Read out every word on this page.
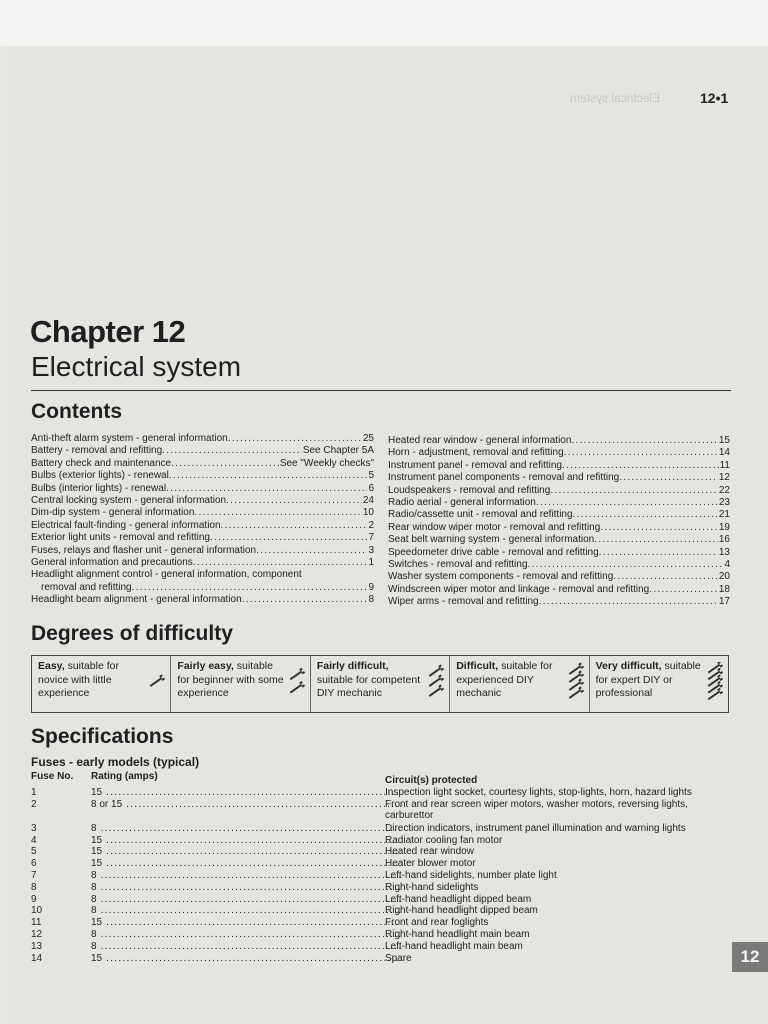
Electrical system	12•1
Chapter 12
Electrical system
Contents
Anti-theft alarm system - general information .....	25
Battery - removal and refitting .....	See Chapter 5A
Battery check and maintenance .....	See "Weekly checks"
Bulbs (exterior lights) - renewal .....	5
Bulbs (interior lights) - renewal .....	6
Central locking system - general information .....	24
Dim-dip system - general information .....	10
Electrical fault-finding - general information .....	2
Exterior light units - removal and refitting .....	7
Fuses, relays and flasher unit - general information .....	3
General information and precautions .....	1
Headlight alignment control - general information, component
removal and refitting .....	9
Headlight beam alignment - general information .....	8
Heated rear window - general information .....	15
Horn - adjustment, removal and refitting .....	14
Instrument panel - removal and refitting .....	11
Instrument panel components - removal and refitting .....	12
Loudspeakers - removal and refitting .....	22
Radio aerial - general information .....	23
Radio/cassette unit - removal and refitting .....	21
Rear window wiper motor - removal and refitting .....	19
Seat belt warning system - general information .....	16
Speedometer drive cable - removal and refitting .....	13
Switches - removal and refitting .....	4
Washer system components - removal and refitting .....	20
Windscreen wiper motor and linkage - removal and refitting .....	18
Wiper arms - removal and refitting .....	17
Degrees of difficulty
Easy, suitable for novice with little experience
Fairly easy, suitable for beginner with some experience
Fairly difficult, suitable for competent DIY mechanic
Difficult, suitable for experienced DIY mechanic
Very difficult, suitable for expert DIY or professional
Specifications
Fuses - early models (typical)
Fuse No. Rating (amps)	Circuit(s) protected
1	15 .....	Inspection light socket, courtesy lights, stop-lights, horn, hazard lights
2	8 or 15 .....	Front and rear screen wiper motors, washer motors, reversing lights, carburettor
3	8 .....	Direction indicators, instrument panel illumination and warning lights
4	15 .....	Radiator cooling fan motor
5	15 .....	Heated rear window
6	15 .....	Heater blower motor
7	8 .....	Left-hand sidelights, number plate light
8	8 .....	Right-hand sidelights
9	8 .....	Left-hand headlight dipped beam
10	8 .....	Right-hand headlight dipped beam
11	15 .....	Front and rear foglights
12	8 .....	Right-hand headlight main beam
13	8 .....	Left-hand headlight main beam
14	15 .....	Spare	12
